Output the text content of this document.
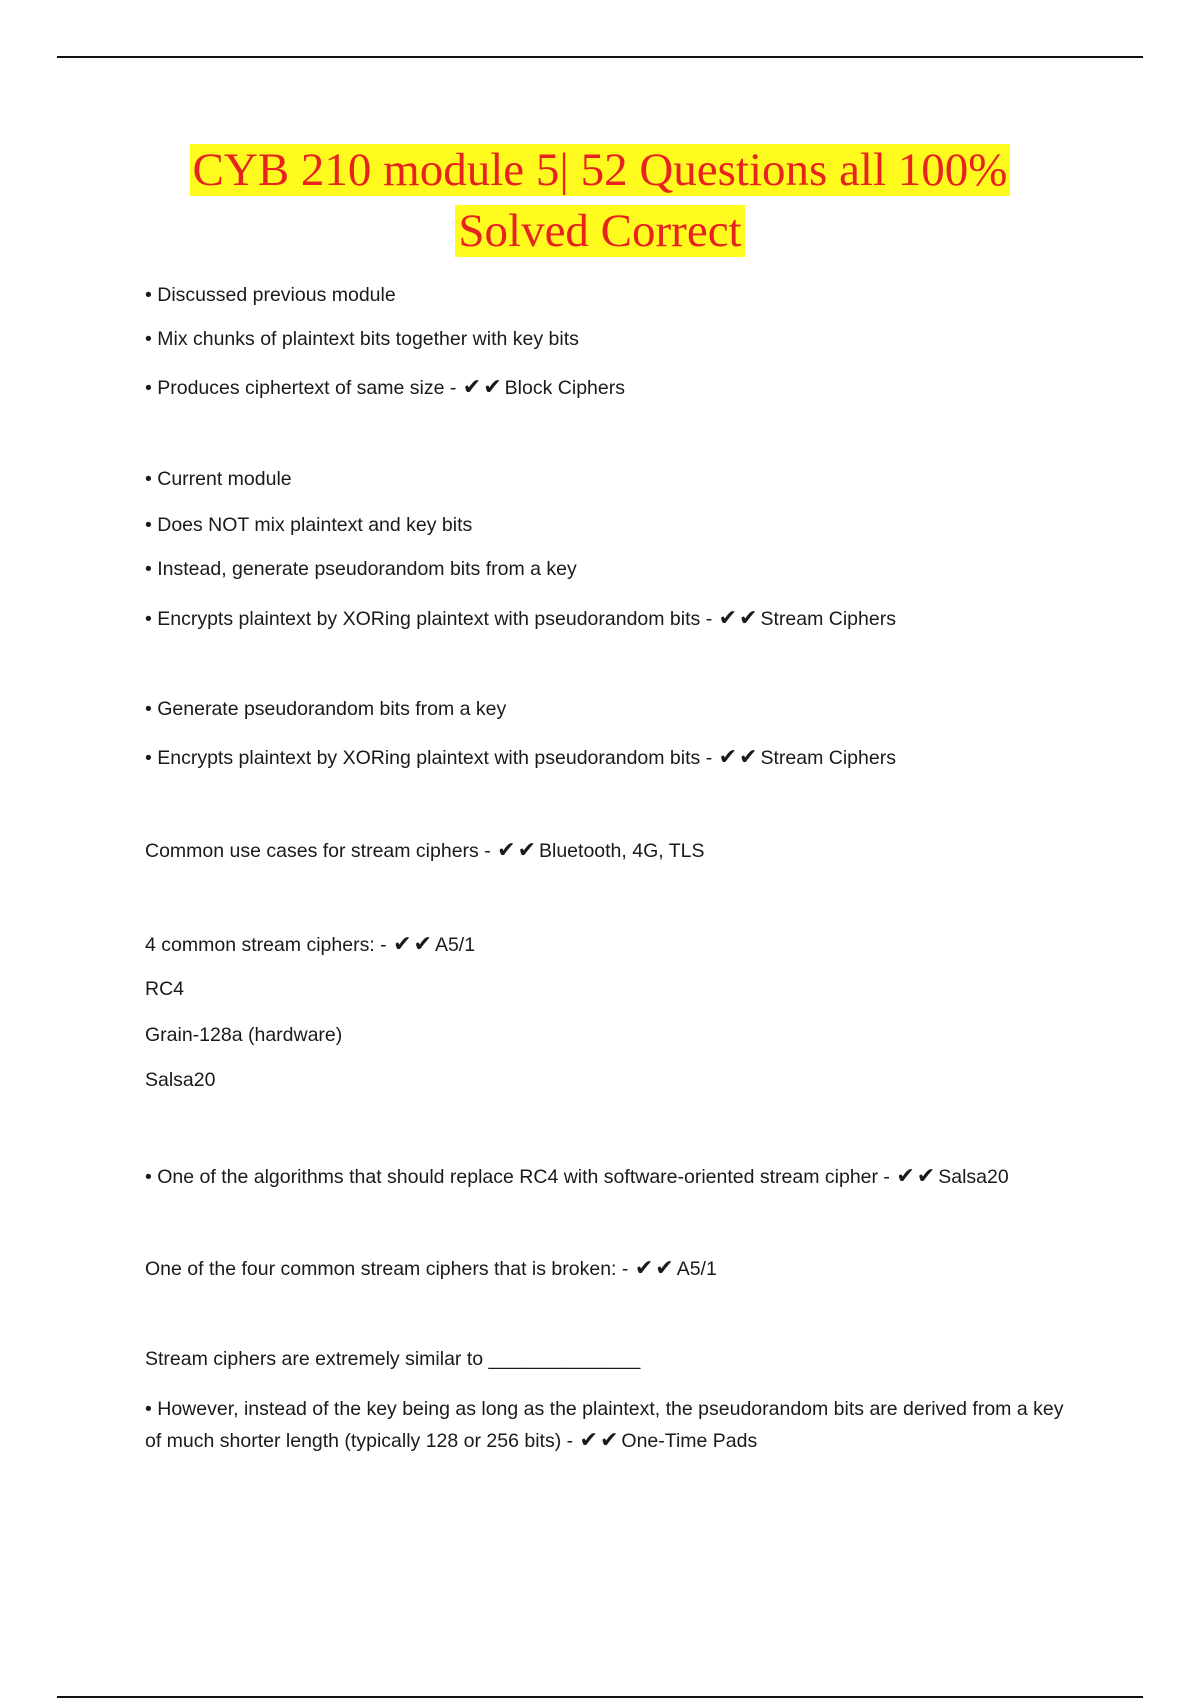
CYB 210 module 5| 52 Questions all 100%
Solved Correct
• Discussed previous module
• Mix chunks of plaintext bits together with key bits
• Produces ciphertext of same size - ✔✔ Block Ciphers
• Current module
• Does NOT mix plaintext and key bits
• Instead, generate pseudorandom bits from a key
• Encrypts plaintext by XORing plaintext with pseudorandom bits - ✔✔ Stream Ciphers
• Generate pseudorandom bits from a key
• Encrypts plaintext by XORing plaintext with pseudorandom bits - ✔✔ Stream Ciphers
Common use cases for stream ciphers - ✔✔ Bluetooth, 4G, TLS
4 common stream ciphers: - ✔✔ A5/1
RC4
Grain-128a (hardware)
Salsa20
• One of the algorithms that should replace RC4 with software-oriented stream cipher - ✔✔ Salsa20
One of the four common stream ciphers that is broken: - ✔✔ A5/1
Stream ciphers are extremely similar to ______________
• However, instead of the key being as long as the plaintext, the pseudorandom bits are derived from a key of much shorter length (typically 128 or 256 bits) - ✔✔ One-Time Pads
